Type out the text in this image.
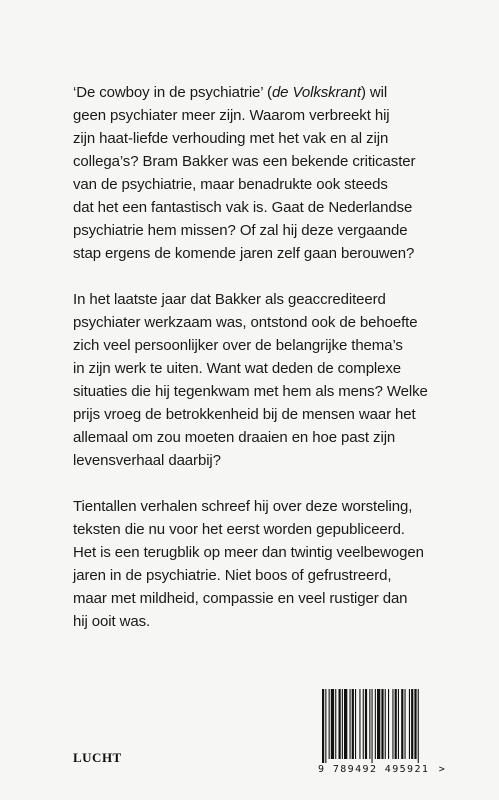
‘De cowboy in de psychiatrie’ (de Volkskrant) wil
geen psychiater meer zijn. Waarom verbreekt hij
zijn haat-liefde verhouding met het vak en al zijn
collega’s? Bram Bakker was een bekende criticaster
van de psychiatrie, maar benadrukte ook steeds
dat het een fantastisch vak is. Gaat de Nederlandse
psychiatrie hem missen? Of zal hij deze vergaande
stap ergens de komende jaren zelf gaan berouwen?
In het laatste jaar dat Bakker als geaccrediteerd
psychiater werkzaam was, ontstond ook de behoefte
zich veel persoonlijker over de belangrijke thema’s
in zijn werk te uiten. Want wat deden de complexe
situaties die hij tegenkwam met hem als mens? Welke
prijs vroeg de betrokkenheid bij de mensen waar het
allemaal om zou moeten draaien en hoe past zijn
levensverhaal daarbij?
Tientallen verhalen schreef hij over deze worsteling,
teksten die nu voor het eerst worden gepubliceerd.
Het is een terugblik op meer dan twintig veelbewogen
jaren in de psychiatrie. Niet boos of gefrustreerd,
maar met mildheid, compassie en veel rustiger dan
hij ooit was.
9 789492 495921 >
LUCHT
